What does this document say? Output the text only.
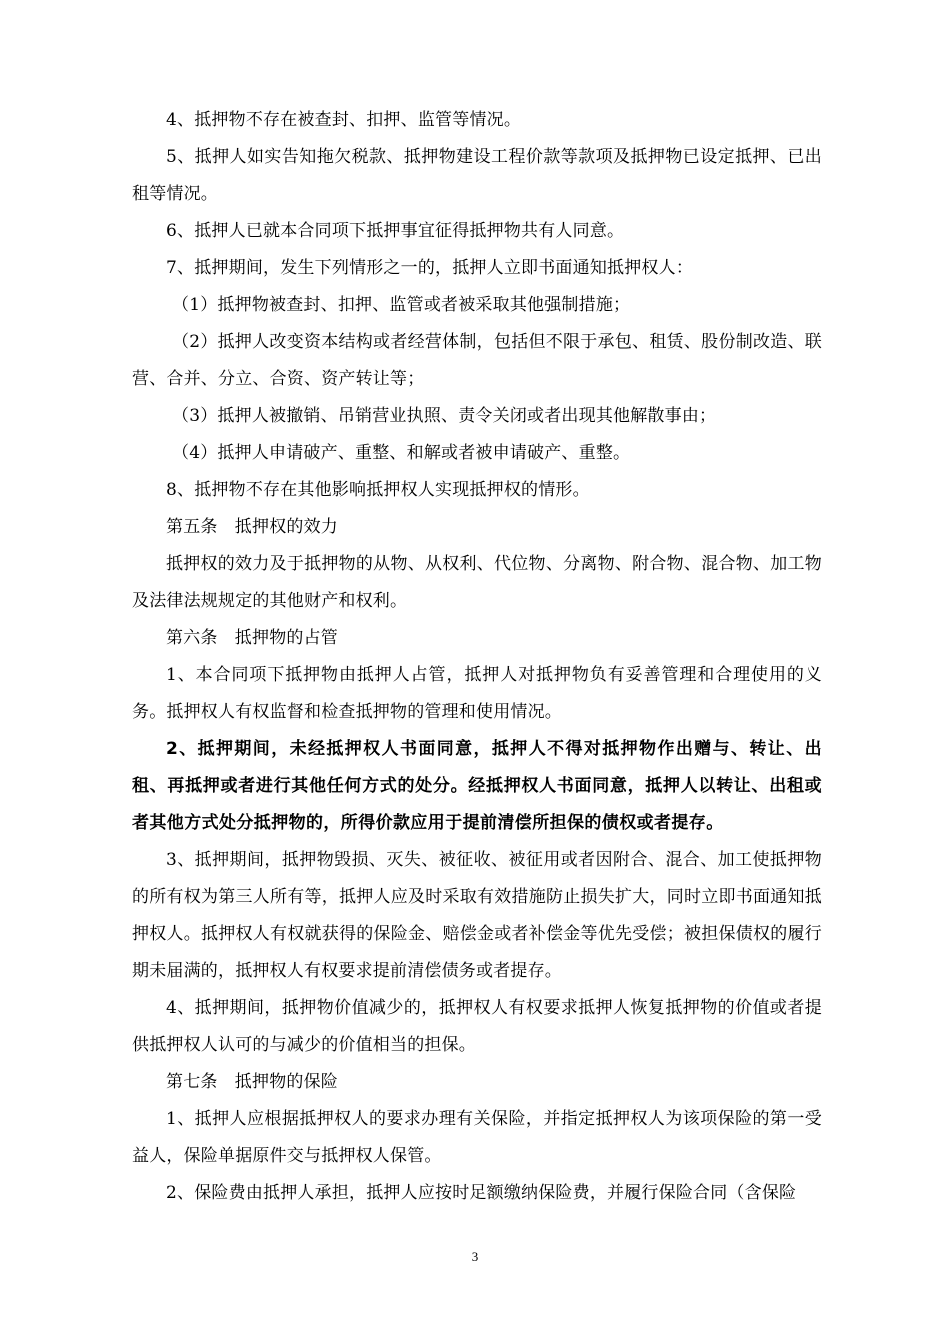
4、抵押物不存在被查封、扣押、监管等情况。

5、抵押人如实告知拖欠税款、抵押物建设工程价款等款项及抵押物已设定抵押、已出租等情况。

6、抵押人已就本合同项下抵押事宜征得抵押物共有人同意。

7、抵押期间，发生下列情形之一的，抵押人立即书面通知抵押权人：

（1）抵押物被查封、扣押、监管或者被采取其他强制措施；

（2）抵押人改变资本结构或者经营体制，包括但不限于承包、租赁、股份制改造、联营、合并、分立、合资、资产转让等；

（3）抵押人被撤销、吊销营业执照、责令关闭或者出现其他解散事由；

（4）抵押人申请破产、重整、和解或者被申请破产、重整。

8、抵押物不存在其他影响抵押权人实现抵押权的情形。

第五条　抵押权的效力

抵押权的效力及于抵押物的从物、从权利、代位物、分离物、附合物、混合物、加工物及法律法规规定的其他财产和权利。

第六条　抵押物的占管

1、本合同项下抵押物由抵押人占管，抵押人对抵押物负有妥善管理和合理使用的义务。抵押权人有权监督和检查抵押物的管理和使用情况。

2、抵押期间，未经抵押权人书面同意，抵押人不得对抵押物作出赠与、转让、出租、再抵押或者进行其他任何方式的处分。经抵押权人书面同意，抵押人以转让、出租或者其他方式处分抵押物的，所得价款应用于提前清偿所担保的债权或者提存。

3、抵押期间，抵押物毁损、灭失、被征收、被征用或者因附合、混合、加工使抵押物的所有权为第三人所有等，抵押人应及时采取有效措施防止损失扩大，同时立即书面通知抵押权人。抵押权人有权就获得的保险金、赔偿金或者补偿金等优先受偿；被担保债权的履行期未届满的，抵押权人有权要求提前清偿债务或者提存。

4、抵押期间，抵押物价值减少的，抵押权人有权要求抵押人恢复抵押物的价值或者提供抵押权人认可的与减少的价值相当的担保。

第七条　抵押物的保险

1、抵押人应根据抵押权人的要求办理有关保险，并指定抵押权人为该项保险的第一受益人，保险单据原件交与抵押权人保管。

2、保险费由抵押人承担，抵押人应按时足额缴纳保险费，并履行保险合同（含保险

3
